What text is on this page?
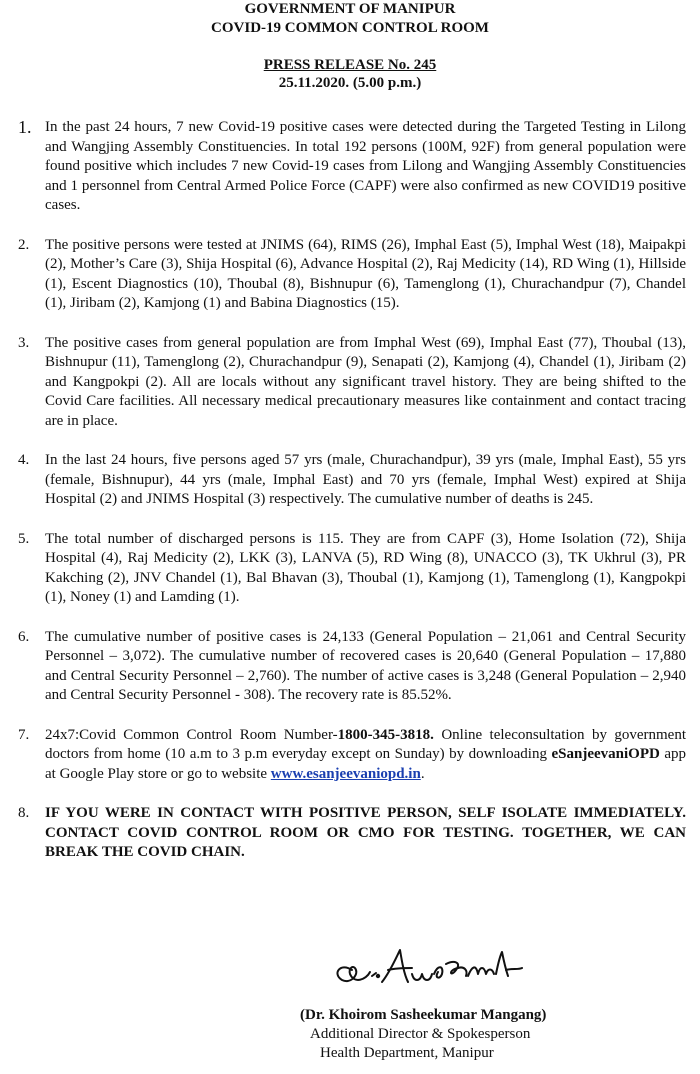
GOVERNMENT OF MANIPUR
COVID-19 COMMON CONTROL ROOM
PRESS RELEASE No. 245
25.11.2020. (5.00 p.m.)
1. In the past 24 hours, 7 new Covid-19 positive cases were detected during the Targeted Testing in Lilong and Wangjing Assembly Constituencies. In total 192 persons (100M, 92F) from general population were found positive which includes 7 new Covid-19 cases from Lilong and Wangjing Assembly Constituencies and 1 personnel from Central Armed Police Force (CAPF) were also confirmed as new COVID19 positive cases.
2.	The positive persons were tested at JNIMS (64), RIMS (26), Imphal East (5), Imphal West (18), Maipakpi (2), Mother’s Care (3), Shija Hospital (6), Advance Hospital (2), Raj Medicity (14), RD Wing (1), Hillside (1), Escent Diagnostics (10), Thoubal (8), Bishnupur (6), Tamenglong (1), Churachandpur (7), Chandel (1), Jiribam (2), Kamjong (1) and Babina Diagnostics (15).
3.	The positive cases from general population are from Imphal West (69), Imphal East (77), Thoubal (13), Bishnupur (11), Tamenglong (2), Churachandpur (9), Senapati (2), Kamjong (4), Chandel (1), Jiribam (2) and Kangpokpi (2). All are locals without any significant travel history. They are being shifted to the Covid Care facilities. All necessary medical precautionary measures like containment and contact tracing are in place.
4.	In the last 24 hours, five persons aged 57 yrs (male, Churachandpur), 39 yrs (male, Imphal East), 55 yrs (female, Bishnupur), 44 yrs (male, Imphal East) and 70 yrs (female, Imphal West) expired at Shija Hospital (2) and JNIMS Hospital (3) respectively. The cumulative number of deaths is 245.
5.	The total number of discharged persons is 115. They are from CAPF (3), Home Isolation (72), Shija Hospital (4), Raj Medicity (2), LKK (3), LANVA (5), RD Wing (8), UNACCO (3), TK Ukhrul (3), PR Kakching (2), JNV Chandel (1), Bal Bhavan (3), Thoubal (1), Kamjong (1), Tamenglong (1), Kangpokpi (1), Noney (1) and Lamding (1).
6.	The cumulative number of positive cases is 24,133 (General Population – 21,061 and Central Security Personnel – 3,072). The cumulative number of recovered cases is 20,640 (General Population – 17,880 and Central Security Personnel – 2,760). The number of active cases is 3,248 (General Population – 2,940 and Central Security Personnel - 308). The recovery rate is 85.52%.
7.	24x7:Covid Common Control Room Number-1800-345-3818. Online teleconsultation by government doctors from home (10 a.m to 3 p.m everyday except on Sunday) by downloading eSanjeevaniOPD app at Google Play store or go to website www.esanjeevaniopd.in.
8.	IF YOU WERE IN CONTACT WITH POSITIVE PERSON, SELF ISOLATE IMMEDIATELY. CONTACT COVID CONTROL ROOM OR CMO FOR TESTING. TOGETHER, WE CAN BREAK THE COVID CHAIN.
(Dr. Khoirom Sasheekumar Mangang)
Additional Director & Spokesperson
Health Department, Manipur
